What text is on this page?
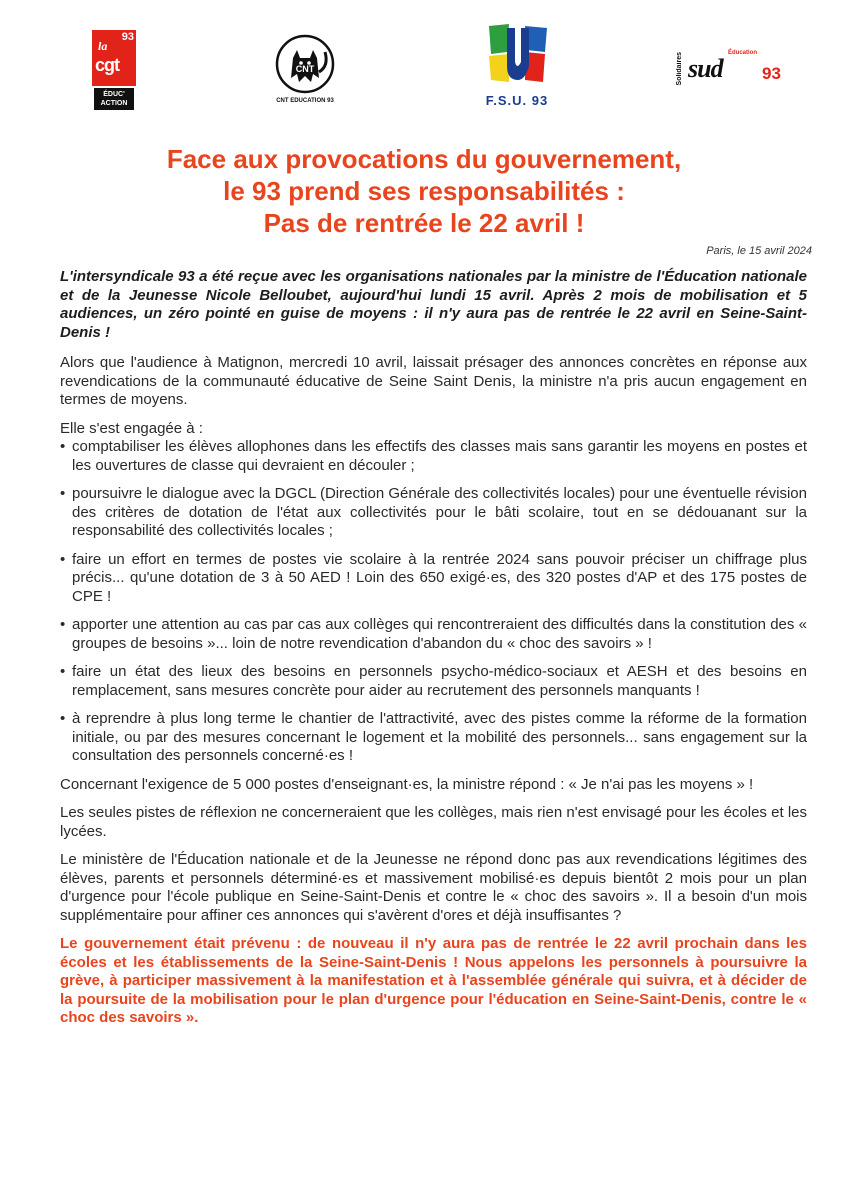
93
la
cgt
ÉDUC'
ACTION
CNT
CNT EDUCATION 93	F.S.U. 93
Solidaires	Éducation
sud 93
Face aux provocations du gouvernement,
le 93 prend ses responsabilités :
Pas de rentrée le 22 avril !
Paris, le 15 avril 2024

L'intersyndicale 93 a été reçue avec les organisations nationales par la ministre de l'Éducation nationale et de la Jeunesse Nicole Belloubet, aujourd'hui lundi 15 avril. Après 2 mois de mobilisation et 5 audiences, un zéro pointé en guise de moyens : il n'y aura pas de rentrée le 22 avril en Seine-Saint-Denis !

Alors que l'audience à Matignon, mercredi 10 avril, laissait présager des annonces concrètes en réponse aux revendications de la communauté éducative de Seine Saint Denis, la ministre n'a pris aucun engagement en termes de moyens.

Elle s'est engagée à :

• comptabiliser les élèves allophones dans les effectifs des classes mais sans garantir les moyens en postes et les ouvertures de classe qui devraient en découler ;
• poursuivre le dialogue avec la DGCL (Direction Générale des collectivités locales) pour une éventuelle révision des critères de dotation de l'état aux collectivités pour le bâti scolaire, tout en se dédouanant sur la responsabilité des collectivités locales ;
• faire un effort en termes de postes vie scolaire à la rentrée 2024 sans pouvoir préciser un chiffrage plus précis... qu'une dotation de 3 à 50 AED ! Loin des 650 exigé·es, des 320 postes d'AP et des 175 postes de CPE !
• apporter une attention au cas par cas aux collèges qui rencontreraient des difficultés dans la constitution des « groupes de besoins »... loin de notre revendication d'abandon du « choc des savoirs » !
• faire un état des lieux des besoins en personnels psycho-médico-sociaux et AESH et des besoins en remplacement, sans mesures concrète pour aider au recrutement des personnels manquants !
• à reprendre à plus long terme le chantier de l'attractivité, avec des pistes comme la réforme de la formation initiale, ou par des mesures concernant le logement et la mobilité des personnels... sans engagement sur la consultation des personnels concerné·es !

Concernant l'exigence de 5 000 postes d'enseignant·es, la ministre répond : « Je n'ai pas les moyens » !

Les seules pistes de réflexion ne concerneraient que les collèges, mais rien n'est envisagé pour les écoles et les lycées.

Le ministère de l'Éducation nationale et de la Jeunesse ne répond donc pas aux revendications légitimes des élèves, parents et personnels déterminé·es et massivement mobilisé·es depuis bientôt 2 mois pour un plan d'urgence pour l'école publique en Seine-Saint-Denis et contre le « choc des savoirs ». Il a besoin d'un mois supplémentaire pour affiner ces annonces qui s'avèrent d'ores et déjà insuffisantes ?

Le gouvernement était prévenu : de nouveau il n'y aura pas de rentrée le 22 avril prochain dans les écoles et les établissements de la Seine-Saint-Denis ! Nous appelons les personnels à poursuivre la grève, à participer massivement à la manifestation et à l'assemblée générale qui suivra, et à décider de la poursuite de la mobilisation pour le plan d'urgence pour l'éducation en Seine-Saint-Denis, contre le « choc des savoirs ».
